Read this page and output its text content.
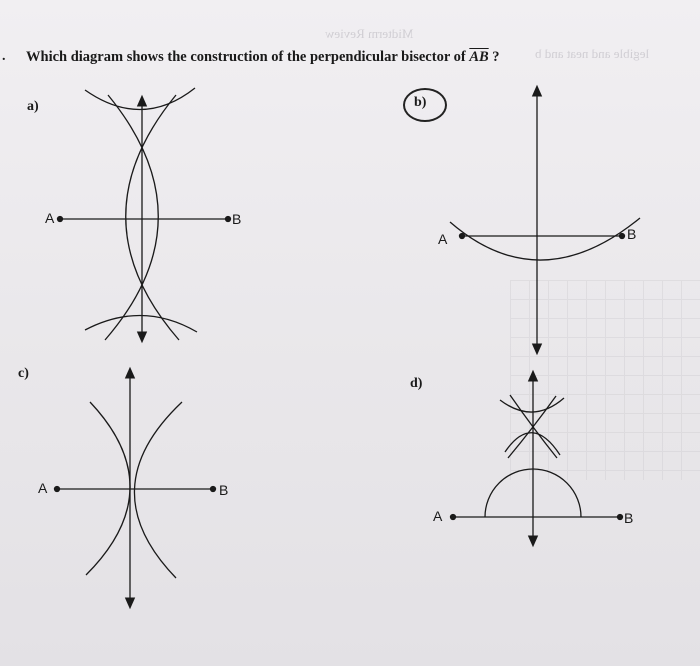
Midterm Review
legible and neat and b
. Which diagram shows the construction of the perpendicular bisector of $\overline{AB}$ ?
a)	b)
c)
d)
A	B
A	B
A	B
A	B
